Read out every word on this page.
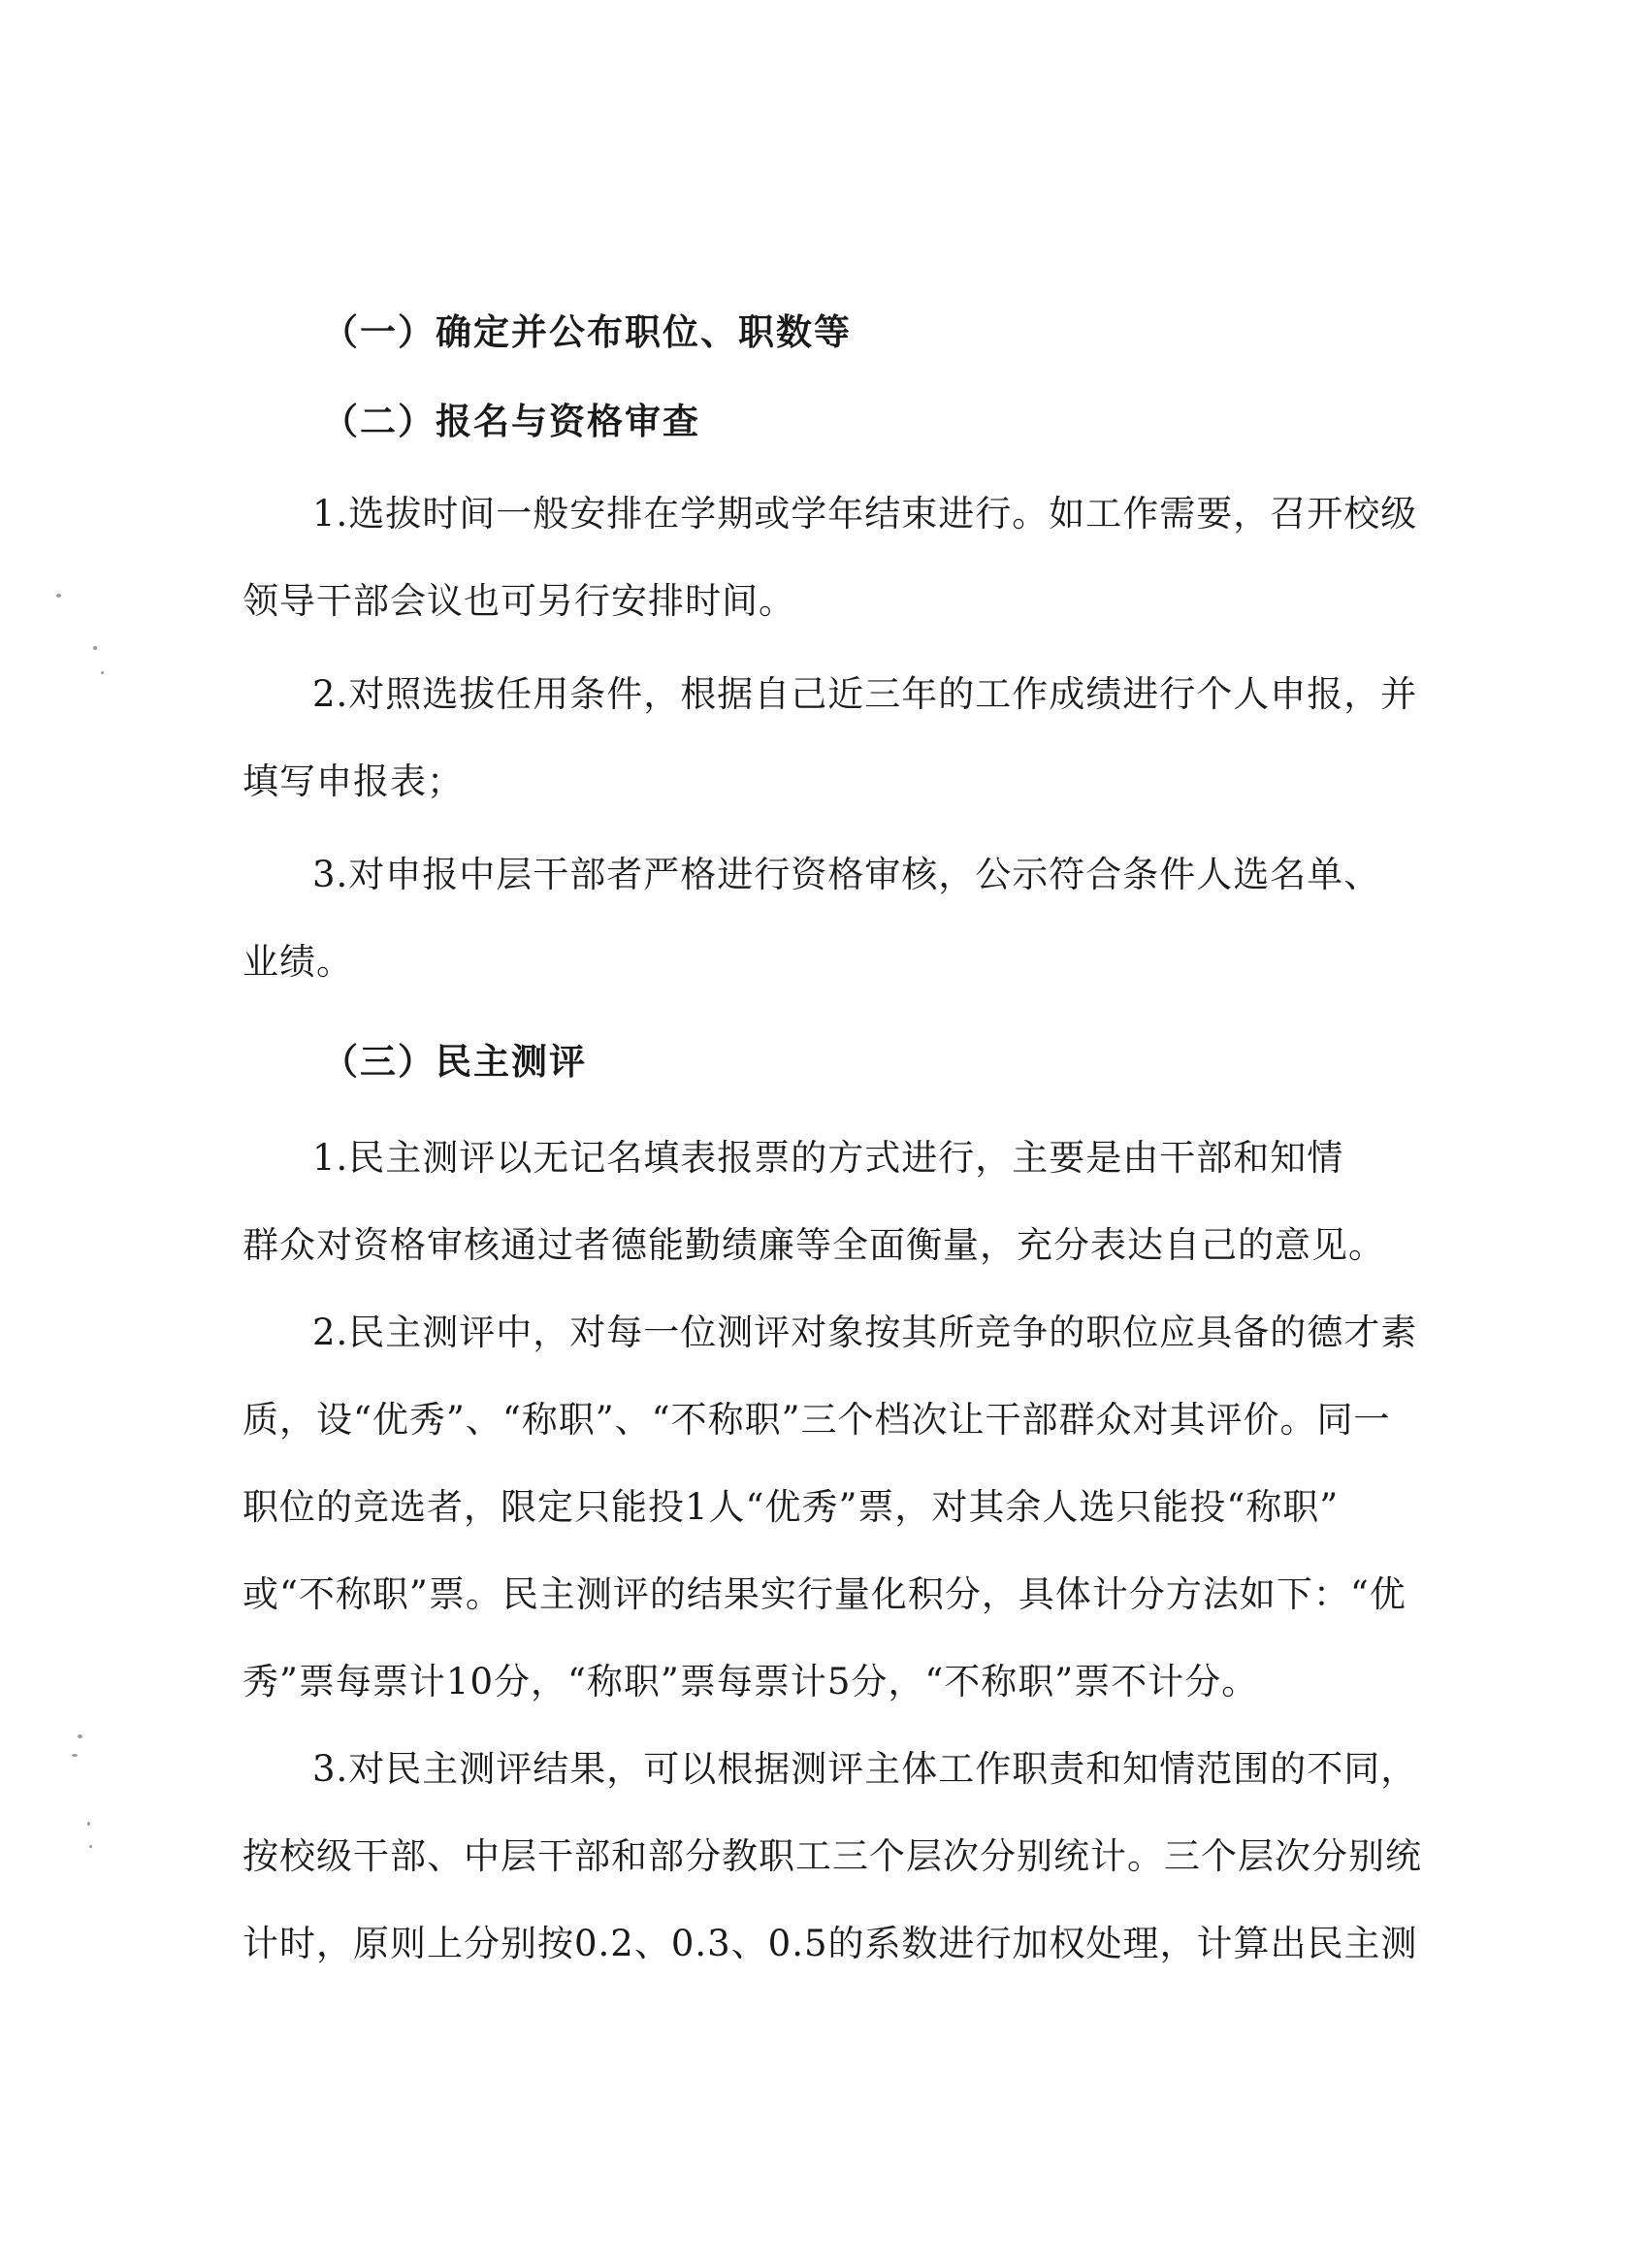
（一）确定并公布职位、职数等
（二）报名与资格审查
1.选拔时间一般安排在学期或学年结束进行。如工作需要，召开校级
领导干部会议也可另行安排时间。
2.对照选拔任用条件，根据自己近三年的工作成绩进行个人申报，并
填写申报表；
3.对申报中层干部者严格进行资格审核，公示符合条件人选名单、
业绩。
（三）民主测评
1.民主测评以无记名填表报票的方式进行，主要是由干部和知情
群众对资格审核通过者德能勤绩廉等全面衡量，充分表达自己的意见。
2.民主测评中，对每一位测评对象按其所竞争的职位应具备的德才素
质，设“优秀”、“称职”、“不称职”三个档次让干部群众对其评价。同一
职位的竞选者，限定只能投1人“优秀”票，对其余人选只能投“称职”
或“不称职”票。民主测评的结果实行量化积分，具体计分方法如下：“优
秀”票每票计10分，“称职”票每票计5分，“不称职”票不计分。
3.对民主测评结果，可以根据测评主体工作职责和知情范围的不同，
按校级干部、中层干部和部分教职工三个层次分别统计。三个层次分别统
计时，原则上分别按0.2、0.3、0.5的系数进行加权处理，计算出民主测
